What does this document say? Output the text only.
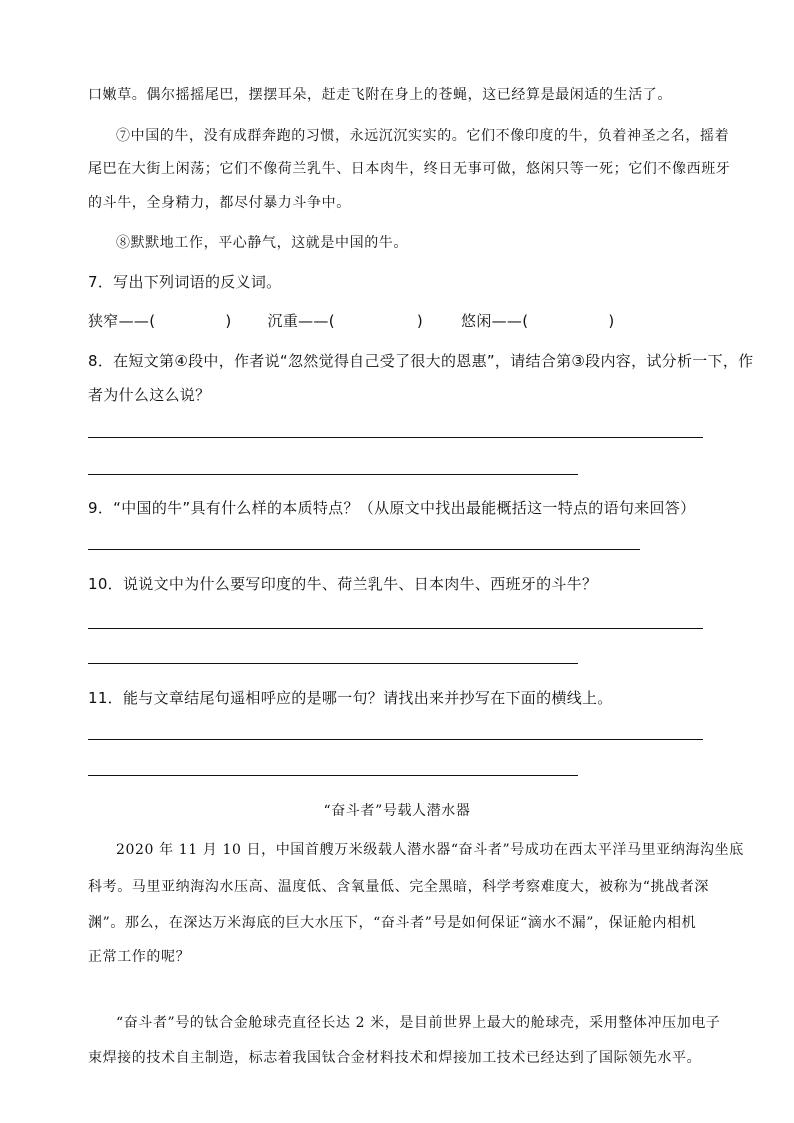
口嫩草。偶尔摇摇尾巴，摆摆耳朵，赶走飞附在身上的苍蝇，这已经算是最闲适的生活了。
⑦中国的牛，没有成群奔跑的习惯，永远沉沉实实的。它们不像印度的牛，负着神圣之名，摇着
尾巴在大街上闲荡；它们不像荷兰乳牛、日本肉牛，终日无事可做，悠闲只等一死；它们不像西班牙
的斗牛，全身精力，都尽付暴力斗争中。
⑧默默地工作，平心静气，这就是中国的牛。
7．写出下列词语的反义词。
狭窄——(	) 沉重——(	)	悠闲——(	)
8．在短文第④段中，作者说“忽然觉得自己受了很大的恩惠”，请结合第③段内容，试分析一下，作
者为什么这么说？
9．“中国的牛”具有什么样的本质特点？（从原文中找出最能概括这一特点的语句来回答）
10．说说文中为什么要写印度的牛、荷兰乳牛、日本肉牛、西班牙的斗牛？
11．能与文章结尾句遥相呼应的是哪一句？请找出来并抄写在下面的横线上。
“奋斗者”号载人潜水器
2020 年 11 月 10 日，中国首艘万米级载人潜水器“奋斗者”号成功在西太平洋马里亚纳海沟坐底
科考。马里亚纳海沟水压高、温度低、含氧量低、完全黑暗，科学考察难度大，被称为“挑战者深
渊”。那么，在深达万米海底的巨大水压下，“奋斗者”号是如何保证“滴水不漏”，保证舱内相机
正常工作的呢？
“奋斗者”号的钛合金舱球壳直径长达 2 米，是目前世界上最大的舱球壳，采用整体冲压加电子
束焊接的技术自主制造，标志着我国钛合金材料技术和焊接加工技术已经达到了国际领先水平。
